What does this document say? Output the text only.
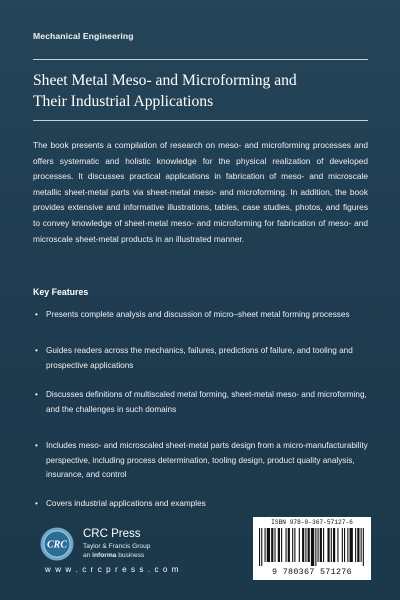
Mechanical Engineering
Sheet Metal Meso- and Microforming and
Their Industrial Applications
The book presents a compilation of research on meso- and microforming processes and offers systematic and holistic knowledge for the physical realization of developed processes. It discusses practical applications in fabrication of meso- and microscale metallic sheet-metal parts via sheet-metal meso- and microforming. In addition, the book provides extensive and informative illustrations, tables, case studies, photos, and figures to convey knowledge of sheet-metal meso- and microforming for fabrication of meso- and microscale sheet-metal products in an illustrated manner.
Key Features
• Presents complete analysis and discussion of micro–sheet metal forming processes
• Guides readers across the mechanics, failures, predictions of failure, and tooling and prospective applications
• Discusses definitions of multiscaled metal forming, sheet-metal meso- and microforming, and the challenges in such domains
• Includes meso- and microscaled sheet-metal parts design from a micro-manufacturability perspective, including process determination, tooling design, product quality analysis, insurance, and control
• Covers industrial applications and examples
CRC
CRC Press
Taylor & Francis Group
an informa business
w w w . c r c p r e s s . c o m
ISBN 978-0-367-57127-6
9 780367 571276
